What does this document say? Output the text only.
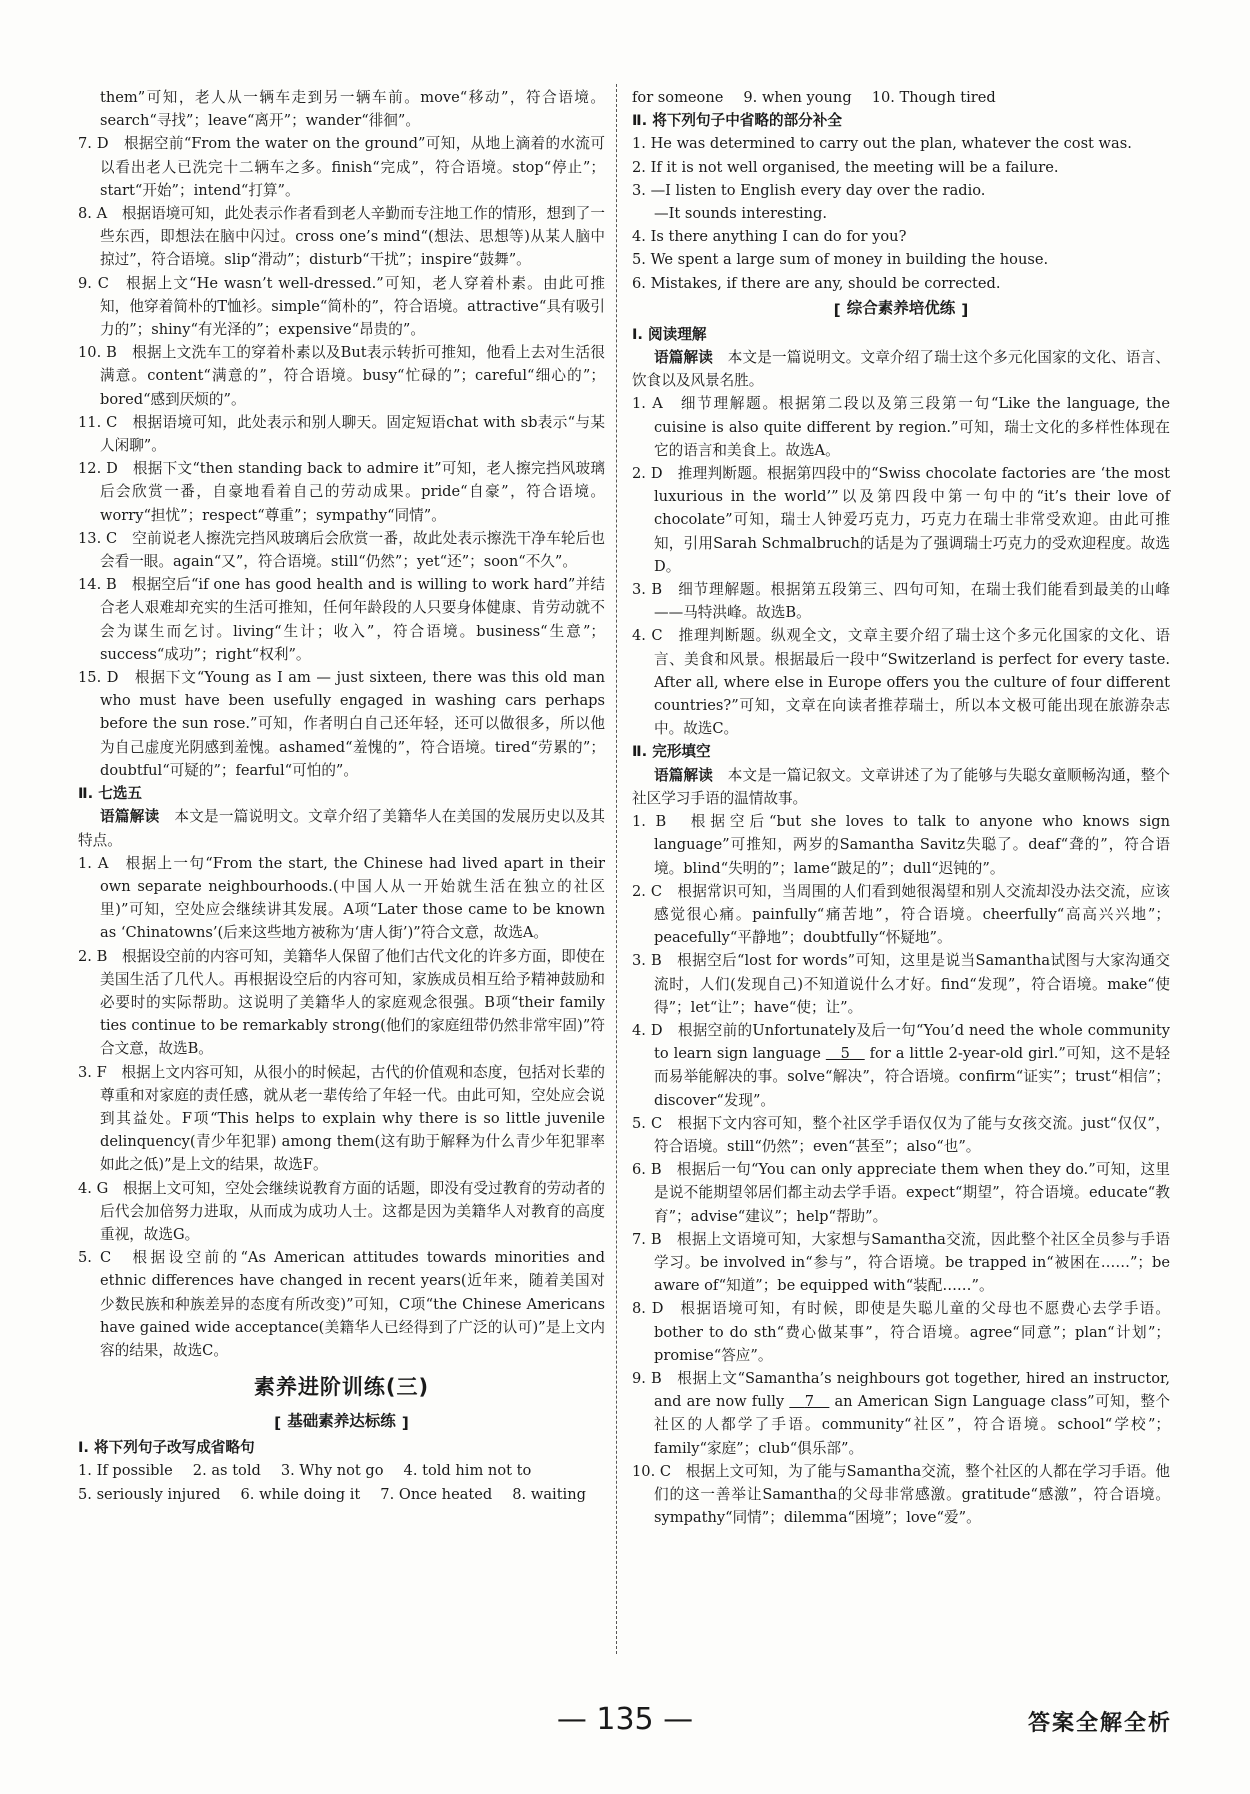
them”可知，老人从一辆车走到另一辆车前。move“移动”，符合语境。search“寻找”；leave“离开”；wander“徘徊”。

7. D　根据空前“From the water on the ground”可知，从地上滴着的水流可以看出老人已洗完十二辆车之多。finish“完成”，符合语境。stop“停止”；start“开始”；intend“打算”。

8. A　根据语境可知，此处表示作者看到老人辛勤而专注地工作的情形，想到了一些东西，即想法在脑中闪过。cross one’s mind“(想法、思想等)从某人脑中掠过”，符合语境。slip“滑动”；disturb“干扰”；inspire“鼓舞”。

9. C　根据上文“He wasn’t well-dressed.”可知，老人穿着朴素。由此可推知，他穿着简朴的T恤衫。simple“简朴的”，符合语境。attractive“具有吸引力的”；shiny“有光泽的”；expensive“昂贵的”。

10. B　根据上文洗车工的穿着朴素以及But表示转折可推知，他看上去对生活很满意。content“满意的”，符合语境。busy“忙碌的”；careful“细心的”；bored“感到厌烦的”。

11. C　根据语境可知，此处表示和别人聊天。固定短语chat with sb表示“与某人闲聊”。

12. D　根据下文“then standing back to admire it”可知，老人擦完挡风玻璃后会欣赏一番，自豪地看着自己的劳动成果。pride“自豪”，符合语境。worry“担忧”；respect“尊重”；sympathy“同情”。

13. C　空前说老人擦洗完挡风玻璃后会欣赏一番，故此处表示擦洗干净车轮后也会看一眼。again“又”，符合语境。still“仍然”；yet“还”；soon“不久”。

14. B　根据空后“if one has good health and is willing to work hard”并结合老人艰难却充实的生活可推知，任何年龄段的人只要身体健康、肯劳动就不会为谋生而乞讨。living“生计；收入”，符合语境。business“生意”；success“成功”；right“权利”。

15. D　根据下文“Young as I am — just sixteen, there was this old man who must have been usefully engaged in washing cars perhaps before the sun rose.”可知，作者明白自己还年轻，还可以做很多，所以他为自己虚度光阴感到羞愧。ashamed“羞愧的”，符合语境。tired“劳累的”；doubtful“可疑的”；fearful“可怕的”。

Ⅱ. 七选五

语篇解读　 本文是一篇说明文。文章介绍了美籍华人在美国的发展历史以及其特点。

1. A　根据上一句“From the start, the Chinese had lived apart in their own separate neighbourhoods.(中国人从一开始就生活在独立的社区里)”可知，空处应会继续讲其发展。A项“Later those came to be known as ‘Chinatowns’(后来这些地方被称为‘唐人街’)”符合文意，故选A。

2. B　根据设空前的内容可知，美籍华人保留了他们古代文化的许多方面，即使在美国生活了几代人。再根据设空后的内容可知，家族成员相互给予精神鼓励和必要时的实际帮助。这说明了美籍华人的家庭观念很强。B项“their family ties continue to be remarkably strong(他们的家庭纽带仍然非常牢固)”符合文意，故选B。

3. F　根据上文内容可知，从很小的时候起，古代的价值观和态度，包括对长辈的尊重和对家庭的责任感，就从老一辈传给了年轻一代。由此可知，空处应会说到其益处。F项“This helps to explain why there is so little juvenile delinquency(青少年犯罪) among them(这有助于解释为什么青少年犯罪率如此之低)”是上文的结果，故选F。

4. G　根据上文可知，空处会继续说教育方面的话题，即没有受过教育的劳动者的后代会加倍努力进取，从而成为成功人士。这都是因为美籍华人对教育的高度重视，故选G。

5. C　根据设空前的“As American attitudes towards minorities and ethnic differences have changed in recent years(近年来，随着美国对少数民族和种族差异的态度有所改变)”可知，C项“the Chinese Americans have gained wide acceptance(美籍华人已经得到了广泛的认可)”是上文内容的结果，故选C。

素养进阶训练(三)

[ 基础素养达标练 ]

Ⅰ. 将下列句子改写成省略句

1. If possible 2. as told 3. Why not go 4. told him not to
5. seriously injured 6. while doing it 7. Once heated 8. waiting
for someone 9. when young 10. Though tired

Ⅱ. 将下列句子中省略的部分补全

1. He was determined to carry out the plan, whatever the cost was.

2. If it is not well organised, the meeting will be a failure.

3. —I listen to English every day over the radio.

—It sounds interesting.

4. Is there anything I can do for you?

5. We spent a large sum of money in building the house.

6. Mistakes, if there are any, should be corrected.

[ 综合素养培优练 ]

Ⅰ. 阅读理解

语篇解读　 本文是一篇说明文。文章介绍了瑞士这个多元化国家的文化、语言、饮食以及风景名胜。

1. A　细节理解题。根据第二段以及第三段第一句“Like the language, the cuisine is also quite different by region.”可知，瑞士文化的多样性体现在它的语言和美食上。故选A。

2. D　推理判断题。根据第四段中的“Swiss chocolate factories are ‘the most luxurious in the world’”以及第四段中第一句中的“it’s their love of chocolate”可知，瑞士人钟爱巧克力，巧克力在瑞士非常受欢迎。由此可推知，引用Sarah Schmalbruch的话是为了强调瑞士巧克力的受欢迎程度。故选D。

3. B　细节理解题。根据第五段第三、四句可知，在瑞士我们能看到最美的山峰——马特洪峰。故选B。

4. C　推理判断题。纵观全文，文章主要介绍了瑞士这个多元化国家的文化、语言、美食和风景。根据最后一段中“Switzerland is perfect for every taste. After all, where else in Europe offers you the culture of four different countries?”可知，文章在向读者推荐瑞士，所以本文极可能出现在旅游杂志中。故选C。

Ⅱ. 完形填空

语篇解读　 本文是一篇记叙文。文章讲述了为了能够与失聪女童顺畅沟通，整个社区学习手语的温情故事。

1. B　根据空后“but she loves to talk to anyone who knows sign language”可推知，两岁的Samantha Savitz失聪了。deaf“聋的”，符合语境。blind“失明的”；lame“跛足的”；dull“迟钝的”。

2. C　根据常识可知，当周围的人们看到她很渴望和别人交流却没办法交流，应该感觉很心痛。painfully“痛苦地”，符合语境。cheerfully“高高兴兴地”；peacefully“平静地”；doubtfully“怀疑地”。

3. B　根据空后“lost for words”可知，这里是说当Samantha试图与大家沟通交流时，人们(发现自己)不知道说什么才好。find“发现”，符合语境。make“使得”；let“让”；have“使；让”。

4. D　根据空前的Unfortunately及后一句“You’d need the whole community to learn sign language 5 for a little 2-year-old girl.”可知，这不是轻而易举能解决的事。solve“解决”，符合语境。confirm“证实”；trust“相信”；discover“发现”。

5. C　根据下文内容可知，整个社区学手语仅仅为了能与女孩交流。just“仅仅”，符合语境。still“仍然”；even“甚至”；also“也”。

6. B　根据后一句“You can only appreciate them when they do.”可知，这里是说不能期望邻居们都主动去学手语。expect“期望”，符合语境。educate“教育”；advise“建议”；help“帮助”。

7. B　根据上文语境可知，大家想与Samantha交流，因此整个社区全员参与手语学习。be involved in“参与”，符合语境。be trapped in“被困在……”；be aware of“知道”；be equipped with“装配……”。

8. D　根据语境可知，有时候，即使是失聪儿童的父母也不愿费心去学手语。bother to do sth“费心做某事”，符合语境。agree“同意”；plan“计划”；promise“答应”。

9. B　根据上文“Samantha’s neighbours got together, hired an instructor, and are now fully 7 an American Sign Language class”可知，整个社区的人都学了手语。community“社区”，符合语境。school“学校”；family“家庭”；club“俱乐部”。

10. C　根据上文可知，为了能与Samantha交流，整个社区的人都在学习手语。他们的这一善举让Samantha的父母非常感激。gratitude“感激”，符合语境。sympathy“同情”；dilemma“困境”；love“爱”。

— 135 —	答案全解全析
